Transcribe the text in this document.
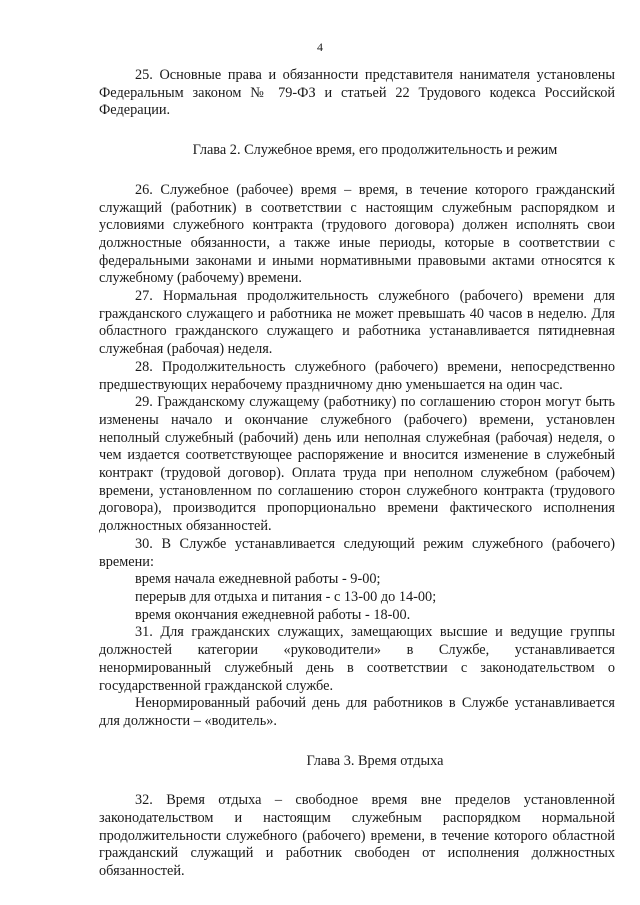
4

25. Основные права и обязанности представителя нанимателя установлены Федеральным законом № 79-ФЗ и статьей 22 Трудового кодекса Российской Федерации.

Глава 2. Служебное время, его продолжительность и режим

26. Служебное (рабочее) время – время, в течение которого гражданский служащий (работник) в соответствии с настоящим служебным распорядком и условиями служебного контракта (трудового договора) должен исполнять свои должностные обязанности, а также иные периоды, которые в соответствии с федеральными законами и иными нормативными правовыми актами относятся к служебному (рабочему) времени.

27. Нормальная продолжительность служебного (рабочего) времени для гражданского служащего и работника не может превышать 40 часов в неделю. Для областного гражданского служащего и работника устанавливается пятидневная служебная (рабочая) неделя.

28. Продолжительность служебного (рабочего) времени, непосредственно предшествующих нерабочему праздничному дню уменьшается на один час.

29. Гражданскому служащему (работнику) по соглашению сторон могут быть изменены начало и окончание служебного (рабочего) времени, установлен неполный служебный (рабочий) день или неполная служебная (рабочая) неделя, о чем издается соответствующее распоряжение и вносится изменение в служебный контракт (трудовой договор). Оплата труда при неполном служебном (рабочем) времени, установленном по соглашению сторон служебного контракта (трудового договора), производится пропорционально времени фактического исполнения должностных обязанностей.

30. В Службе устанавливается следующий режим служебного (рабочего) времени:

время начала ежедневной работы - 9-00;

перерыв для отдыха и питания - с 13-00 до 14-00;

время окончания ежедневной работы - 18-00.

31. Для гражданских служащих, замещающих высшие и ведущие группы должностей категории «руководители» в Службе, устанавливается ненормированный служебный день в соответствии с законодательством о государственной гражданской службе.

Ненормированный рабочий день для работников в Службе устанавливается для должности – «водитель».

Глава 3. Время отдыха

32. Время отдыха – свободное время вне пределов установленной законодательством и настоящим служебным распорядком нормальной продолжительности служебного (рабочего) времени, в течение которого областной гражданский служащий и работник свободен от исполнения должностных обязанностей.
